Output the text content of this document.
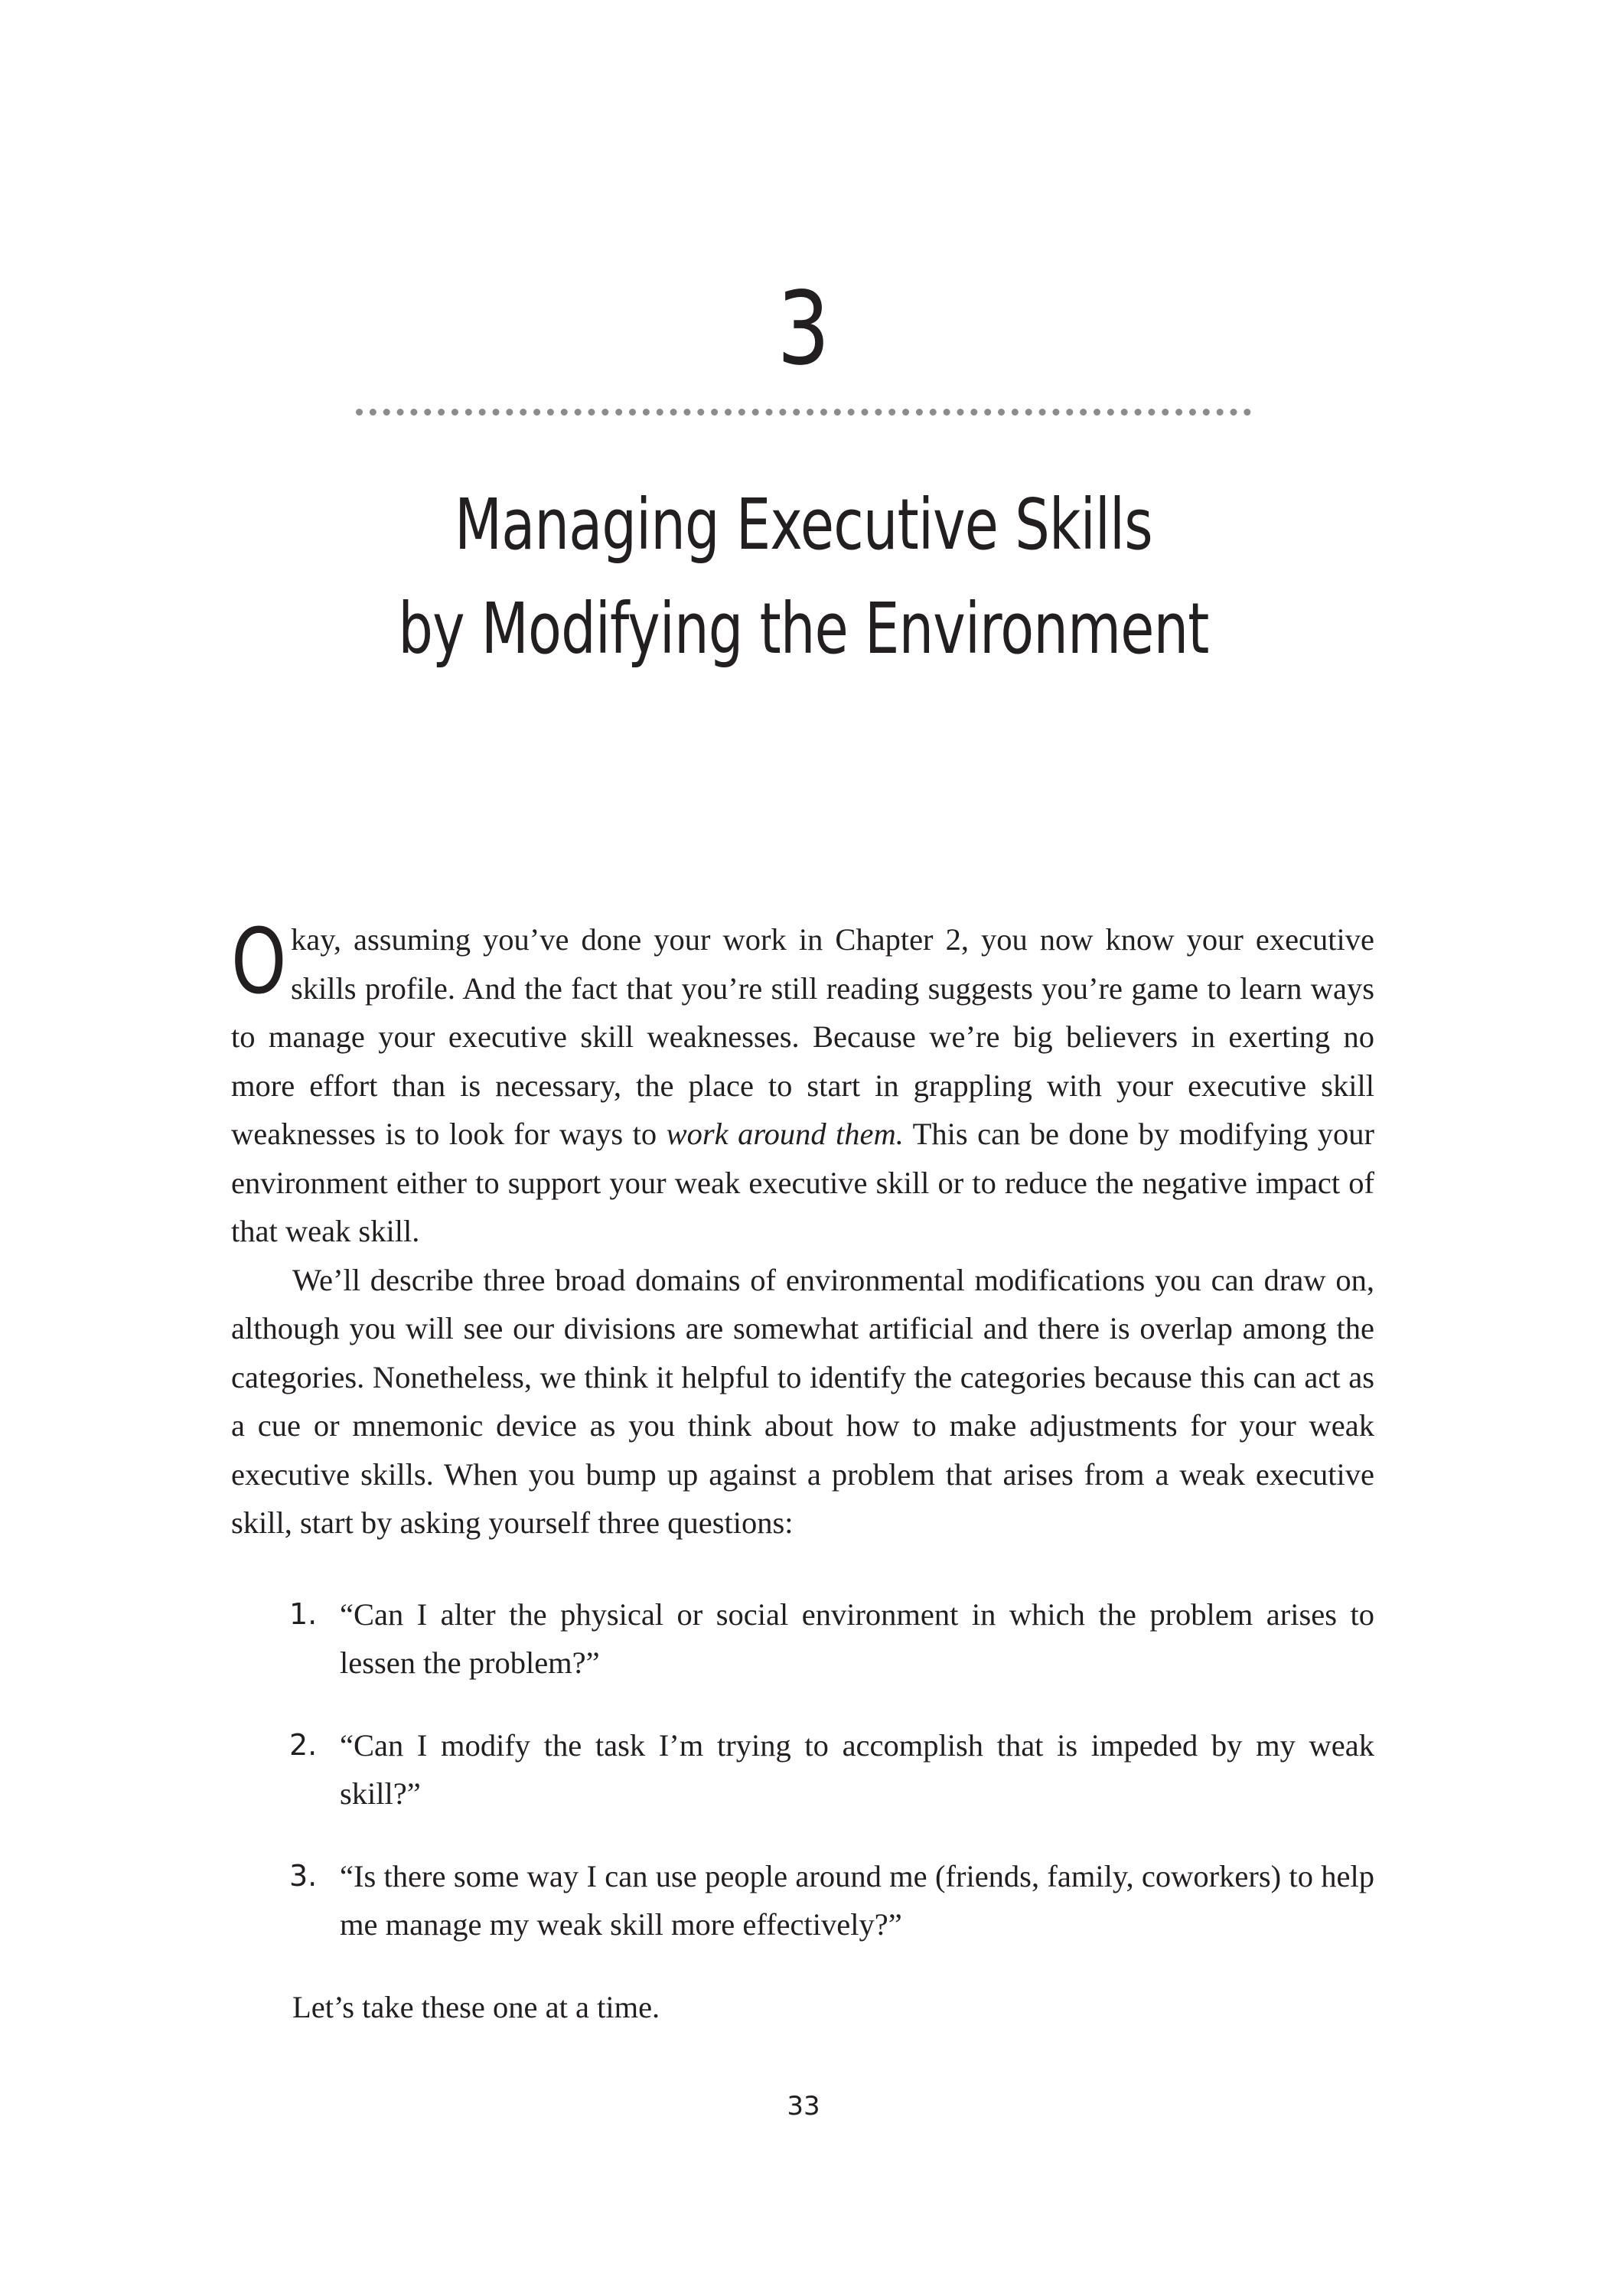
3
Managing Executive Skills
by Modifying the Environment

Okay, assuming you’ve done your work in Chapter 2, you now know your executive skills profile. And the fact that you’re still reading suggests you’re game to learn ways to manage your executive skill weaknesses. Because we’re big believers in exerting no more effort than is necessary, the place to start in grappling with your executive skill weaknesses is to look for ways to work around them. This can be done by modifying your environment either to support your weak executive skill or to reduce the negative impact of that weak skill.

We’ll describe three broad domains of environmental modifications you can draw on, although you will see our divisions are somewhat artificial and there is overlap among the categories. Nonetheless, we think it helpful to identify the categories because this can act as a cue or mnemonic device as you think about how to make adjustments for your weak executive skills. When you bump up against a problem that arises from a weak executive skill, start by asking yourself three questions:

1. “Can I alter the physical or social environment in which the problem arises to lessen the problem?”
2. “Can I modify the task I’m trying to accomplish that is impeded by my weak skill?”
3. “Is there some way I can use people around me (friends, family, coworkers) to help me manage my weak skill more effectively?”

Let’s take these one at a time.

33
